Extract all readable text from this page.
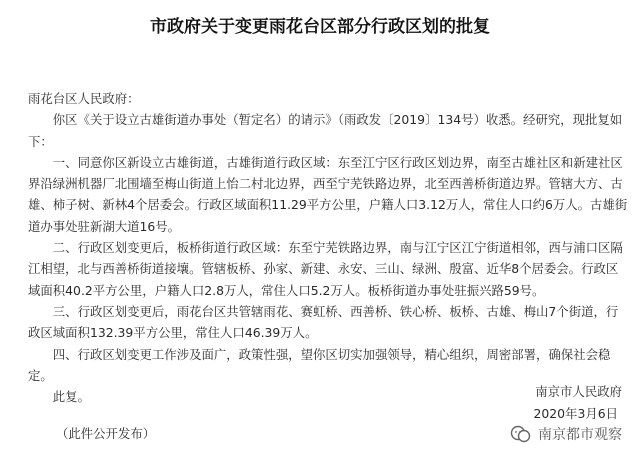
市政府关于变更雨花台区部分行政区划的批复

雨花台区人民政府：

你区《关于设立古雄街道办事处（暂定名）的请示》（雨政发〔2019〕134号）收悉。经研究，现批复如下：

一、同意你区新设立古雄街道，古雄街道行政区域：东至江宁区行政区划边界，南至古雄社区和新建社区界沿绿洲机器厂北围墙至梅山街道上怡二村北边界，西至宁芜铁路边界，北至西善桥街道边界。管辖大方、古雄、柿子树、新林4个居委会。行政区域面积11.29平方公里，户籍人口3.12万人，常住人口约6万人。古雄街道办事处驻新湖大道16号。

二、行政区划变更后，板桥街道行政区域：东至宁芜铁路边界，南与江宁区江宁街道相邻，西与浦口区隔江相望，北与西善桥街道接壤。管辖板桥、孙家、新建、永安、三山、绿洲、殷富、近华8个居委会。行政区域面积40.2平方公里，户籍人口2.8万人，常住人口5.2万人。板桥街道办事处驻振兴路59号。

三、行政区划变更后，雨花台区共管辖雨花、赛虹桥、西善桥、铁心桥、板桥、古雄、梅山7个街道，行政区域面积132.39平方公里，常住人口46.39万人。

四、行政区划变更工作涉及面广，政策性强，望你区切实加强领导，精心组织，周密部署，确保社会稳定。

此复。	南京市人民政府
2020年3月6日
（此件公开发布）	南京都市观察
